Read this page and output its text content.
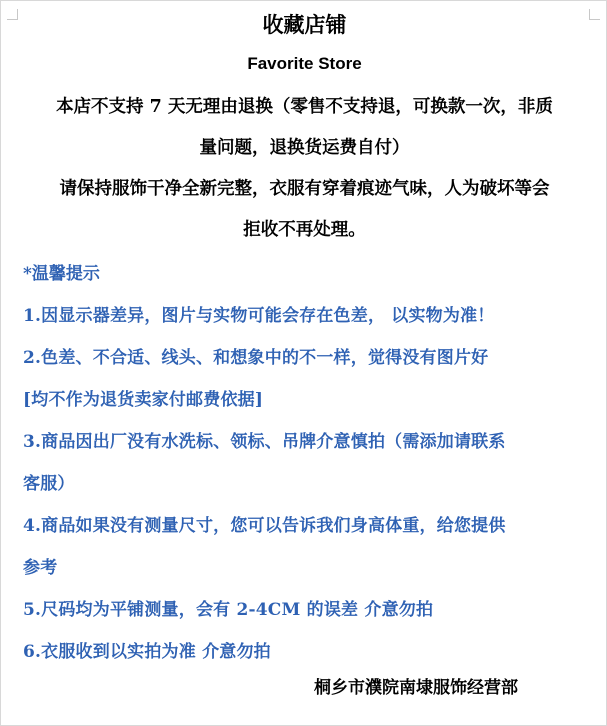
收藏店铺
Favorite Store
本店不支持 7 天无理由退换（零售不支持退，可换款一次，非质
量问题，退换货运费自付）
请保持服饰干净全新完整，衣服有穿着痕迹气味，人为破坏等会
拒收不再处理。
*温馨提示
1.因显示器差异，图片与实物可能会存在色差， 以实物为准！
2.色差、不合适、线头、和想象中的不一样，觉得没有图片好
[均不作为退货卖家付邮费依据]
3.商品因出厂没有水洗标、领标、吊牌介意慎拍（需添加请联系
客服）
4.商品如果没有测量尺寸，您可以告诉我们身高体重，给您提供
参考
5.尺码均为平铺测量，会有 2-4CM 的误差 介意勿拍
6.衣服收到以实拍为准 介意勿拍
桐乡市濮院南埭服饰经营部
